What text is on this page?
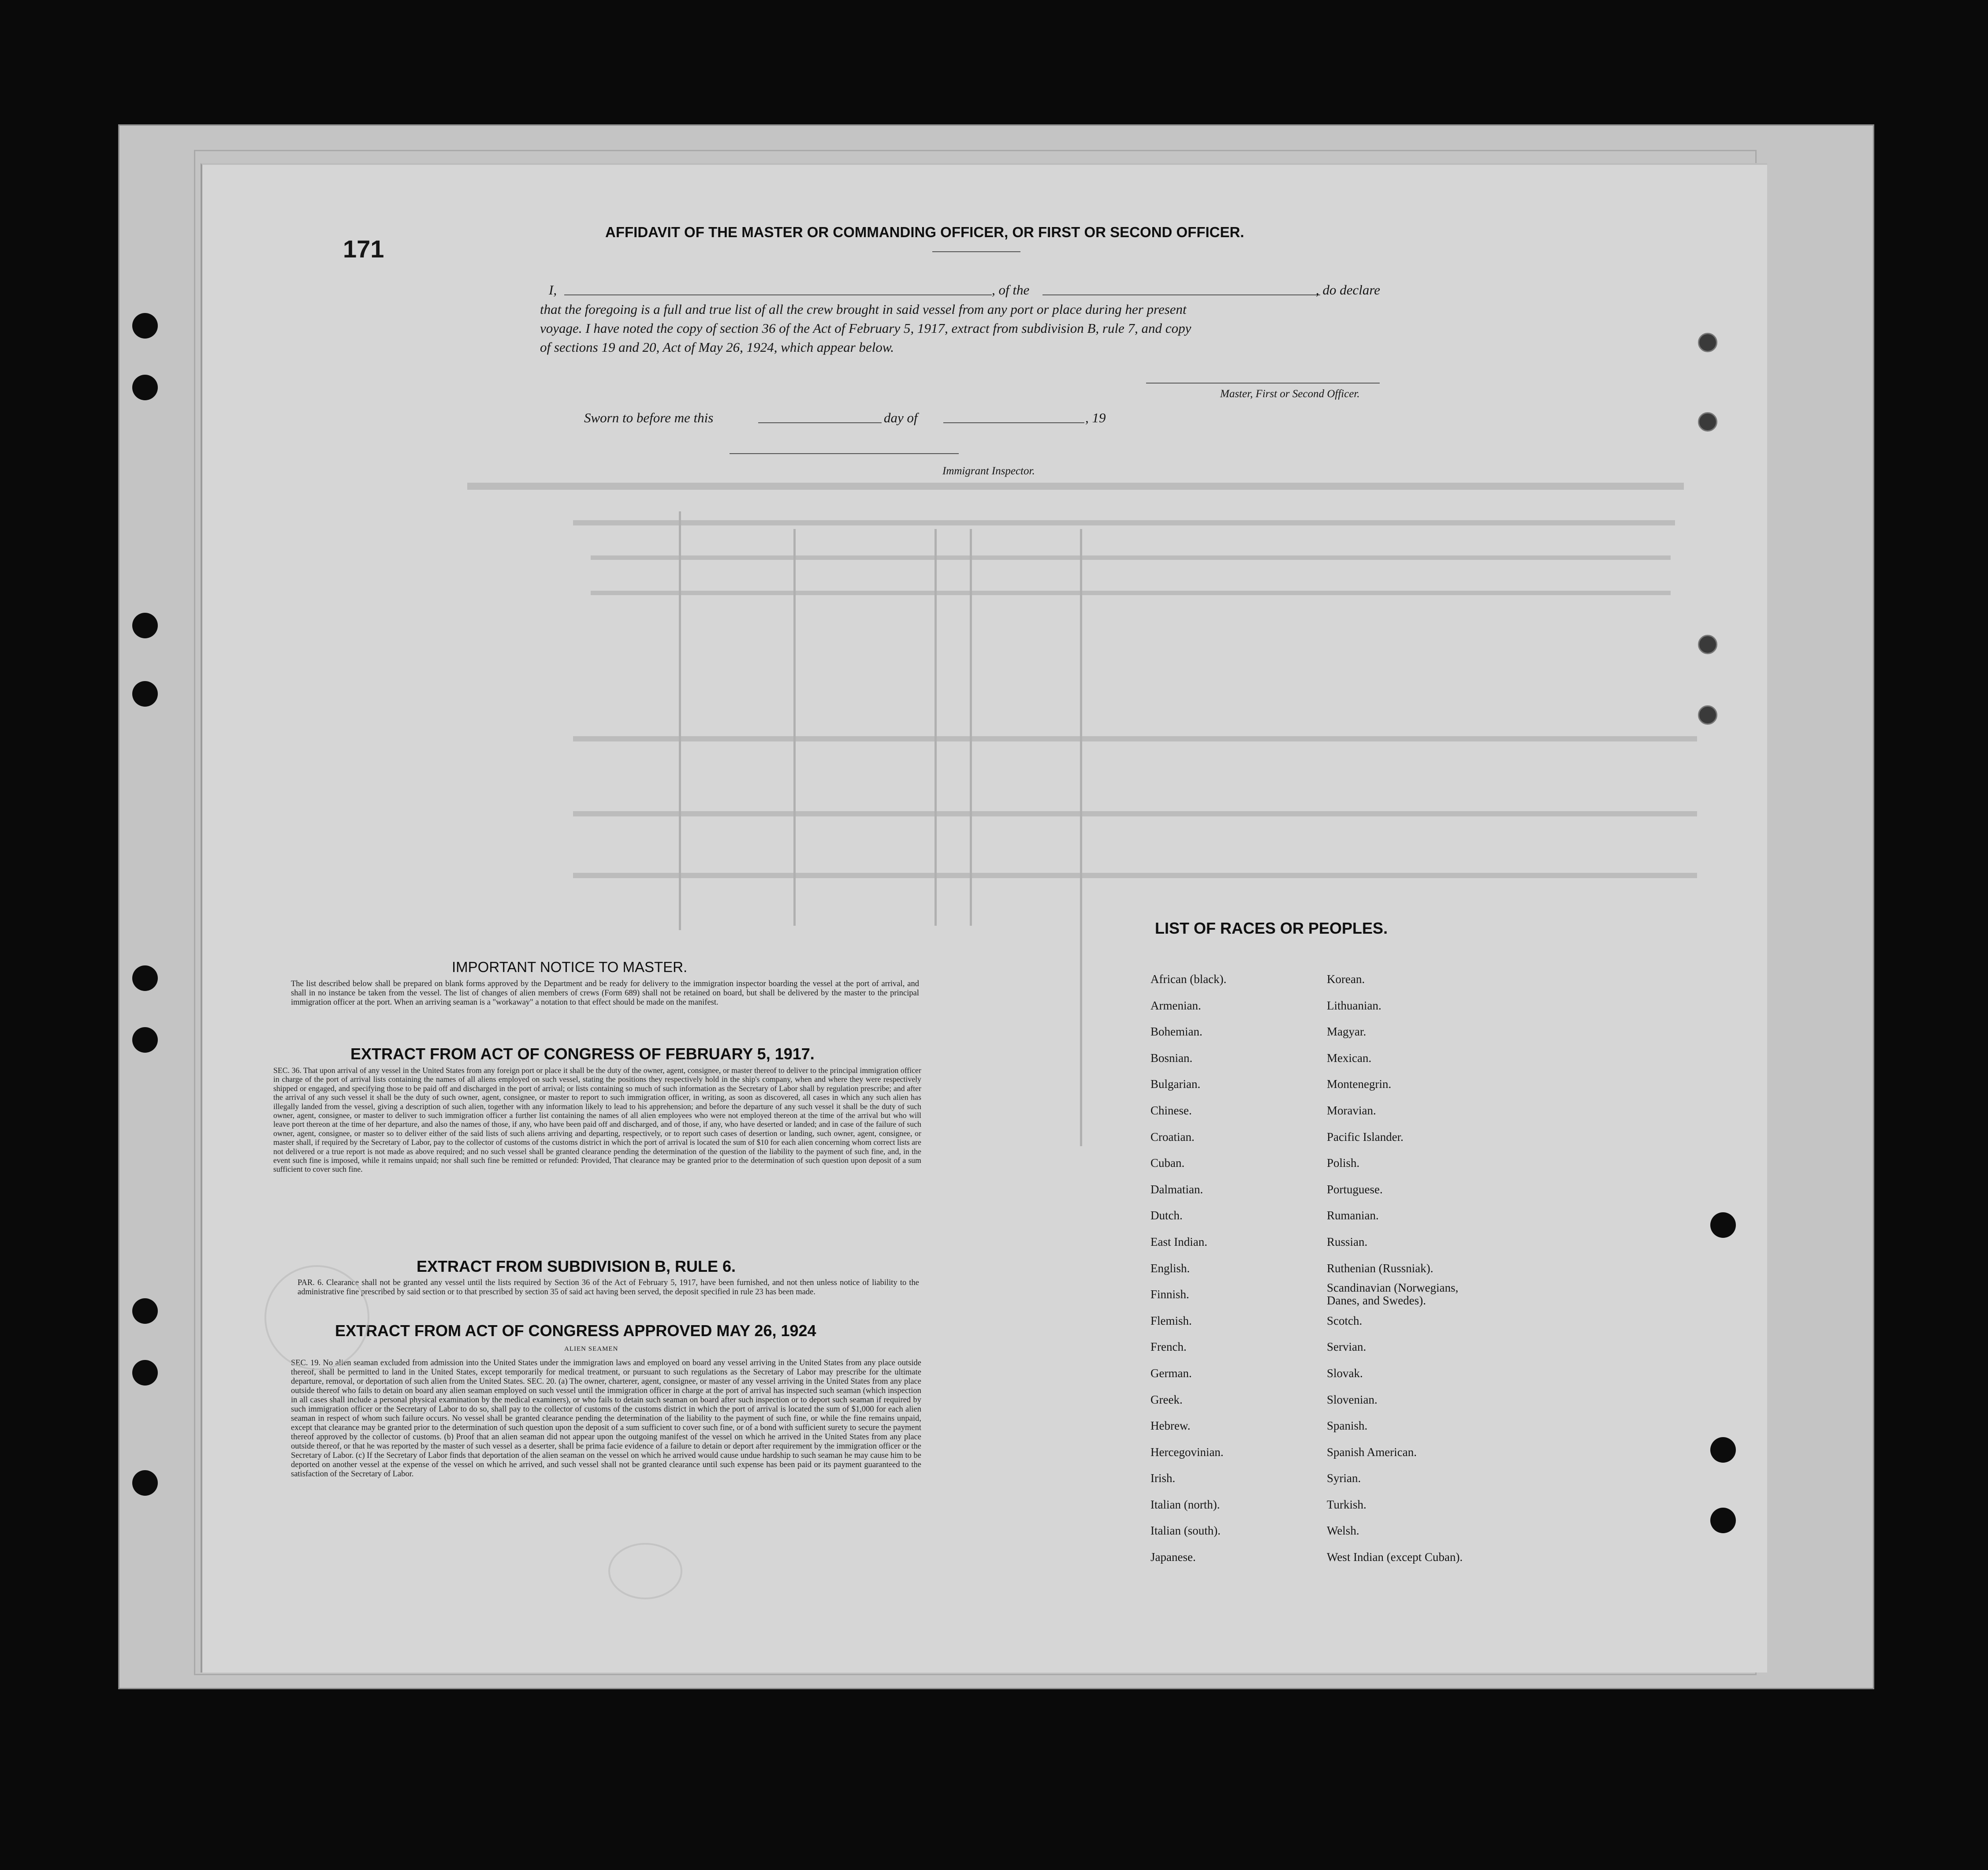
171
AFFIDAVIT OF THE MASTER OR COMMANDING OFFICER, OR FIRST OR SECOND OFFICER.
I,	, of the	, do declare
that the foregoing is a full and true list of all the crew brought in said vessel from any port or place during her present
voyage. I have noted the copy of section 36 of the Act of February 5, 1917, extract from subdivision B, rule 7, and copy
of sections 19 and 20, Act of May 26, 1924, which appear below.
Master, First or Second Officer.
Sworn to before me this	day of	, 19
Immigrant Inspector.
IMPORTANT NOTICE TO MASTER.
The list described below shall be prepared on blank forms approved by the Department and be ready for delivery to the immigration inspector boarding the vessel at the port of arrival, and shall in no instance be taken from the vessel. The list of changes of alien members of crews (Form 689) shall not be retained on board, but shall be delivered by the master to the principal immigration officer at the port. When an arriving seaman is a "workaway" a notation to that effect should be made on the manifest.
EXTRACT FROM ACT OF CONGRESS OF FEBRUARY 5, 1917.
SEC. 36. That upon arrival of any vessel in the United States from any foreign port or place it shall be the duty of the owner, agent, consignee, or master thereof to deliver to the principal immigration officer in charge of the port of arrival lists containing the names of all aliens employed on such vessel, stating the positions they respectively hold in the ship's company, when and where they were respectively shipped or engaged, and specifying those to be paid off and discharged in the port of arrival; or lists containing so much of such information as the Secretary of Labor shall by regulation prescribe; and after the arrival of any such vessel it shall be the duty of such owner, agent, consignee, or master to report to such immigration officer, in writing, as soon as discovered, all cases in which any such alien has illegally landed from the vessel, giving a description of such alien, together with any information likely to lead to his apprehension; and before the departure of any such vessel it shall be the duty of such owner, agent, consignee, or master to deliver to such immigration officer a further list containing the names of all alien employees who were not employed thereon at the time of the arrival but who will leave port thereon at the time of her departure, and also the names of those, if any, who have been paid off and discharged, and of those, if any, who have deserted or landed; and in case of the failure of such owner, agent, consignee, or master so to deliver either of the said lists of such aliens arriving and departing, respectively, or to report such cases of desertion or landing, such owner, agent, consignee, or master shall, if required by the Secretary of Labor, pay to the collector of customs of the customs district in which the port of arrival is located the sum of $10 for each alien concerning whom correct lists are not delivered or a true report is not made as above required; and no such vessel shall be granted clearance pending the determination of the question of the liability to the payment of such fine, and, in the event such fine is imposed, while it remains unpaid; nor shall such fine be remitted or refunded: Provided, That clearance may be granted prior to the determination of such question upon deposit of a sum sufficient to cover such fine.
EXTRACT FROM SUBDIVISION B, RULE 6.
PAR. 6. Clearance shall not be granted any vessel until the lists required by Section 36 of the Act of February 5, 1917, have been furnished, and not then unless notice of liability to the administrative fine prescribed by said section or to that prescribed by section 35 of said act having been served, the deposit specified in rule 23 has been made.
EXTRACT FROM ACT OF CONGRESS APPROVED MAY 26, 1924
ALIEN SEAMEN
SEC. 19. No alien seaman excluded from admission into the United States under the immigration laws and employed on board any vessel arriving in the United States from any place outside thereof, shall be permitted to land in the United States, except temporarily for medical treatment, or pursuant to such regulations as the Secretary of Labor may prescribe for the ultimate departure, removal, or deportation of such alien from the United States. SEC. 20. (a) The owner, charterer, agent, consignee, or master of any vessel arriving in the United States from any place outside thereof who fails to detain on board any alien seaman employed on such vessel until the immigration officer in charge at the port of arrival has inspected such seaman (which inspection in all cases shall include a personal physical examination by the medical examiners), or who fails to detain such seaman on board after such inspection or to deport such seaman if required by such immigration officer or the Secretary of Labor to do so, shall pay to the collector of customs of the customs district in which the port of arrival is located the sum of $1,000 for each alien seaman in respect of whom such failure occurs. No vessel shall be granted clearance pending the determination of the liability to the payment of such fine, or while the fine remains unpaid, except that clearance may be granted prior to the determination of such question upon the deposit of a sum sufficient to cover such fine, or of a bond with sufficient surety to secure the payment thereof approved by the collector of customs. (b) Proof that an alien seaman did not appear upon the outgoing manifest of the vessel on which he arrived in the United States from any place outside thereof, or that he was reported by the master of such vessel as a deserter, shall be prima facie evidence of a failure to detain or deport after requirement by the immigration officer or the Secretary of Labor. (c) If the Secretary of Labor finds that deportation of the alien seaman on the vessel on which he arrived would cause undue hardship to such seaman he may cause him to be deported on another vessel at the expense of the vessel on which he arrived, and such vessel shall not be granted clearance until such expense has been paid or its payment guaranteed to the satisfaction of the Secretary of Labor.
LIST OF RACES OR PEOPLES.
African (black).
Armenian.
Bohemian.
Bosnian.
Bulgarian.
Chinese.
Croatian.
Cuban.
Dalmatian.
Dutch.
East Indian.
English.
Finnish.
Flemish.
French.
German.
Greek.
Hebrew.
Hercegovinian.
Irish.
Italian (north).
Italian (south).
Japanese.
Korean.
Lithuanian.
Magyar.
Mexican.
Montenegrin.
Moravian.
Pacific Islander.
Polish.
Portuguese.
Rumanian.
Russian.
Ruthenian (Russniak).
Scandinavian (Norwegians, Danes, and Swedes).
Scotch.
Servian.
Slovak.
Slovenian.
Spanish.
Spanish American.
Syrian.
Turkish.
Welsh.
West Indian (except Cuban).
